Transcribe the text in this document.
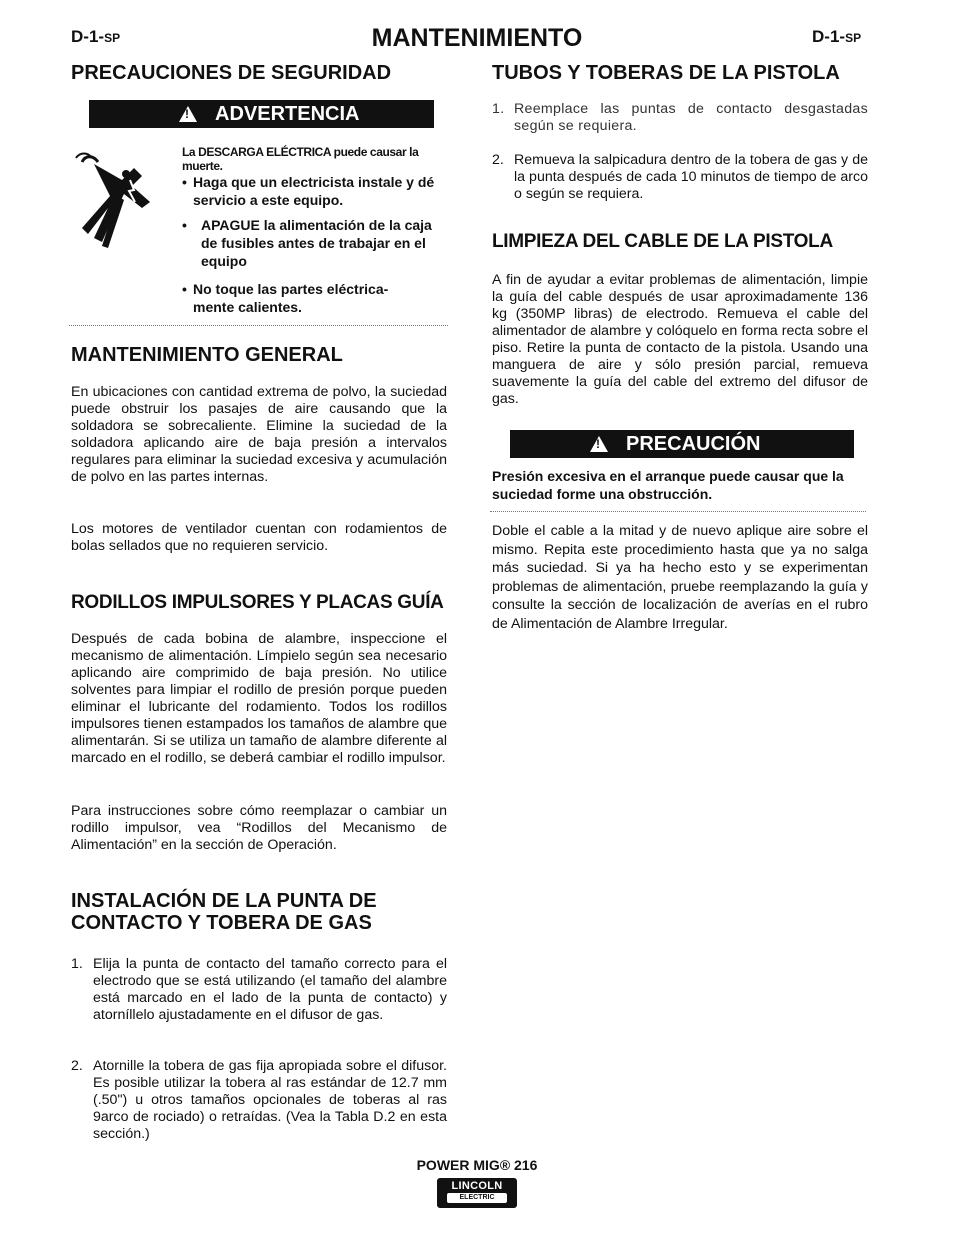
D-1-SP	MANTENIMIENTO	D-1-SP
PRECAUCIONES DE SEGURIDAD
!ADVERTENCIA
La DESCARGA ELÉCTRICA puede causar la muerte.
• Haga que un electricista instale y dé servicio a este equipo.
•	APAGUE la alimentación de la caja de fusibles antes de trabajar en el equipo
• No toque las partes eléctrica- mente calientes.
MANTENIMIENTO GENERAL
En ubicaciones con cantidad extrema de polvo, la suciedad puede obstruir los pasajes de aire causando que la soldadora se sobrecaliente. Elimine la suciedad de la soldadora aplicando aire de baja presión a intervalos regulares para eliminar la suciedad excesiva y acumulación de polvo en las partes internas.
Los motores de ventilador cuentan con rodamientos de bolas sellados que no requieren servicio.
RODILLOS IMPULSORES Y PLACAS GUÍA
Después de cada bobina de alambre, inspeccione el mecanismo de alimentación. Límpielo según sea necesario aplicando aire comprimido de baja presión. No utilice solventes para limpiar el rodillo de presión porque pueden eliminar el lubricante del rodamiento. Todos los rodillos impulsores tienen estampados los tamaños de alambre que alimentarán. Si se utiliza un tamaño de alambre diferente al marcado en el rodillo, se deberá cambiar el rodillo impulsor.
Para instrucciones sobre cómo reemplazar o cambiar un rodillo impulsor, vea “Rodillos del Mecanismo de Alimentación” en la sección de Operación.
INSTALACIÓN DE LA PUNTA DE
CONTACTO Y TOBERA DE GAS
1. Elija la punta de contacto del tamaño correcto para el electrodo que se está utilizando (el tamaño del alambre está marcado en el lado de la punta de contacto) y atorníllelo ajustadamente en el difusor de gas.
2. Atornille la tobera de gas fija apropiada sobre el difusor. Es posible utilizar la tobera al ras estándar de 12.7 mm (.50") u otros tamaños opcionales de toberas al ras 9arco de rociado) o retraídas. (Vea la Tabla D.2 en esta sección.)
TUBOS Y TOBERAS DE LA PISTOLA
1. Reemplace las puntas de contacto desgastadas según se requiera.
2. Remueva la salpicadura dentro de la tobera de gas y de la punta después de cada 10 minutos de tiempo de arco o según se requiera.
LIMPIEZA DEL CABLE DE LA PISTOLA
A fin de ayudar a evitar problemas de alimentación, limpie la guía del cable después de usar aproximadamente 136 kg (350MP libras) de electrodo. Remueva el cable del alimentador de alambre y colóquelo en forma recta sobre el piso. Retire la punta de contacto de la pistola. Usando una manguera de aire y sólo presión parcial, remueva suavemente la guía del cable del extremo del difusor de gas.
!PRECAUCIÓN
Presión excesiva en el arranque puede causar que la suciedad forme una obstrucción.
Doble el cable a la mitad y de nuevo aplique aire sobre el mismo. Repita este procedimiento hasta que ya no salga más suciedad. Si ya ha hecho esto y se experimentan problemas de alimentación, pruebe reemplazando la guía y consulte la sección de localización de averías en el rubro de Alimentación de Alambre Irregular.
POWER MIG® 216
LINCOLN
ELECTRIC
